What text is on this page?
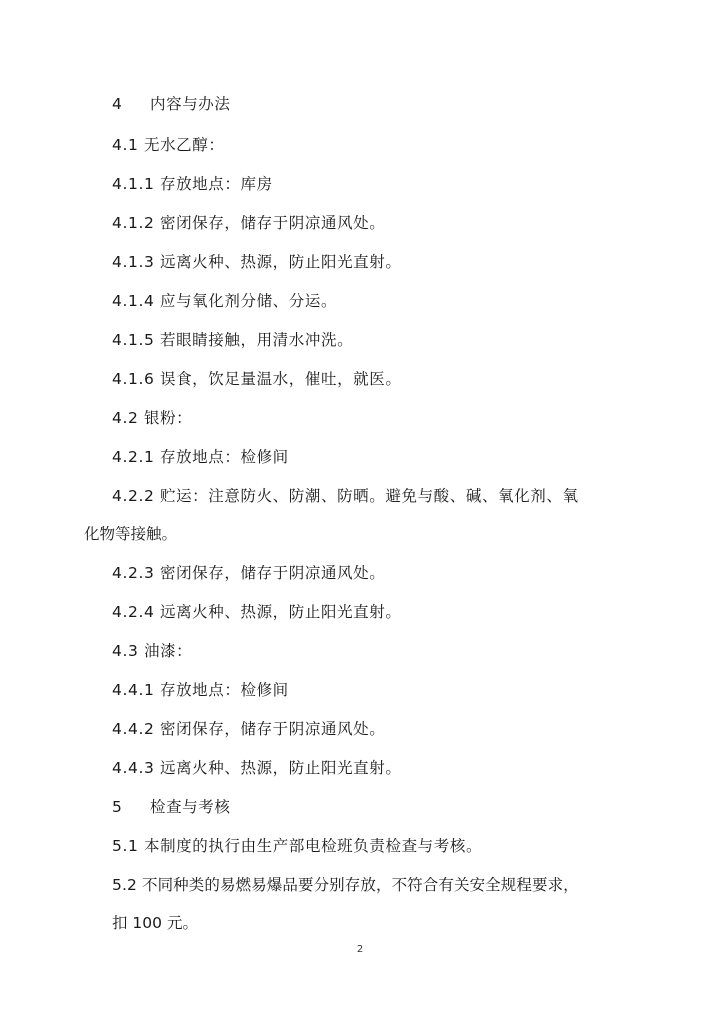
4 内容与办法
4.1 无水乙醇：
4.1.1 存放地点：库房
4.1.2 密闭保存，储存于阴凉通风处。
4.1.3 远离火种、热源，防止阳光直射。
4.1.4 应与氧化剂分储、分运。
4.1.5 若眼睛接触，用清水冲洗。
4.1.6 误食，饮足量温水，催吐，就医。
4.2 银粉：
4.2.1 存放地点：检修间
4.2.2 贮运：注意防火、防潮、防晒。避免与酸、碱、氧化剂、氧
化物等接触。
4.2.3 密闭保存，储存于阴凉通风处。
4.2.4 远离火种、热源，防止阳光直射。
4.3 油漆：
4.4.1 存放地点：检修间
4.4.2 密闭保存，储存于阴凉通风处。
4.4.3 远离火种、热源，防止阳光直射。
5 检查与考核
5.1 本制度的执行由生产部电检班负责检查与考核。
5.2 不同种类的易燃易爆品要分别存放，不符合有关安全规程要求，
扣 100 元。
2
